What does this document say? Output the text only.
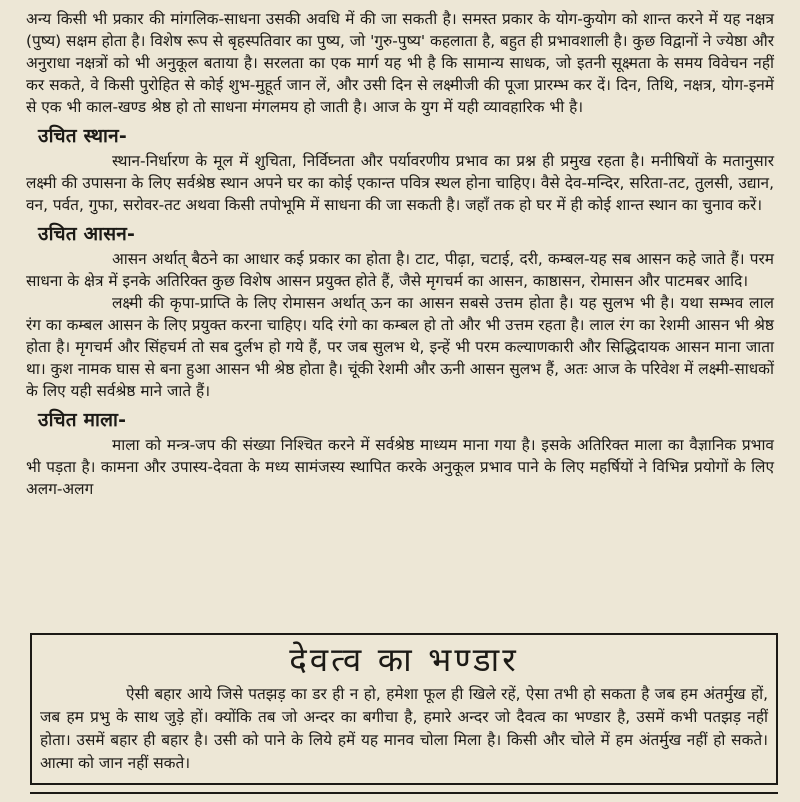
अन्य किसी भी प्रकार की मांगलिक-साधना उसकी अवधि में की जा सकती है। समस्त प्रकार के योग-कुयोग को शान्त करने में यह नक्षत्र (पुष्य) सक्षम होता है। विशेष रूप से बृहस्पतिवार का पुष्य, जो 'गुरु-पुष्य' कहलाता है, बहुत ही प्रभावशाली है। कुछ विद्वानों ने ज्येष्ठा और अनुराधा नक्षत्रों को भी अनुकूल बताया है। सरलता का एक मार्ग यह भी है कि सामान्य साधक, जो इतनी सूक्ष्मता के समय विवेचन नहीं कर सकते, वे किसी पुरोहित से कोई शुभ-मुहूर्त जान लें, और उसी दिन से लक्ष्मीजी की पूजा प्रारम्भ कर दें। दिन, तिथि, नक्षत्र, योग-इनमें से एक भी काल-खण्ड श्रेष्ठ हो तो साधना मंगलमय हो जाती है। आज के युग में यही व्यावहारिक भी है।

उचित स्थान-

स्थान-निर्धारण के मूल में शुचिता, निर्विघ्नता और पर्यावरणीय प्रभाव का प्रश्न ही प्रमुख रहता है। मनीषियों के मतानुसार लक्ष्मी की उपासना के लिए सर्वश्रेष्ठ स्थान अपने घर का कोई एकान्त पवित्र स्थल होना चाहिए। वैसे देव-मन्दिर, सरिता-तट, तुलसी, उद्यान, वन, पर्वत, गुफा, सरोवर-तट अथवा किसी तपोभूमि में साधना की जा सकती है। जहाँ तक हो घर में ही कोई शान्त स्थान का चुनाव करें।

उचित आसन-

आसन अर्थात् बैठने का आधार कई प्रकार का होता है। टाट, पीढ़ा, चटाई, दरी, कम्बल-यह सब आसन कहे जाते हैं। परम साधना के क्षेत्र में इनके अतिरिक्त कुछ विशेष आसन प्रयुक्त होते हैं, जैसे मृगचर्म का आसन, काष्ठासन, रोमासन और पाटमबर आदि।

लक्ष्मी की कृपा-प्राप्ति के लिए रोमासन अर्थात् ऊन का आसन सबसे उत्तम होता है। यह सुलभ भी है। यथा सम्भव लाल रंग का कम्बल आसन के लिए प्रयुक्त करना चाहिए। यदि रंगो का कम्बल हो तो और भी उत्तम रहता है। लाल रंग का रेशमी आसन भी श्रेष्ठ होता है। मृगचर्म और सिंहचर्म तो सब दुर्लभ हो गये हैं, पर जब सुलभ थे, इन्हें भी परम कल्याणकारी और सिद्धिदायक आसन माना जाता था। कुश नामक घास से बना हुआ आसन भी श्रेष्ठ होता है। चूंकी रेशमी और ऊनी आसन सुलभ हैं, अतः आज के परिवेश में लक्ष्मी-साधकों के लिए यही सर्वश्रेष्ठ माने जाते हैं।

उचित माला-

माला को मन्त्र-जप की संख्या निश्चित करने में सर्वश्रेष्ठ माध्यम माना गया है। इसके अतिरिक्त माला का वैज्ञानिक प्रभाव भी पड़ता है। कामना और उपास्य-देवता के मध्य सामंजस्य स्थापित करके अनुकूल प्रभाव पाने के लिए महर्षियों ने विभिन्न प्रयोगों के लिए अलग-अलग

देवत्व का भण्डार

ऐसी बहार आये जिसे पतझड़ का डर ही न हो, हमेशा फूल ही खिले रहें, ऐसा तभी हो सकता है जब हम अंतर्मुख हों, जब हम प्रभु के साथ जुड़े हों। क्योंकि तब जो अन्दर का बगीचा है, हमारे अन्दर जो दैवत्व का भण्डार है, उसमें कभी पतझड़ नहीं होता। उसमें बहार ही बहार है। उसी को पाने के लिये हमें यह मानव चोला मिला है। किसी और चोले में हम अंतर्मुख नहीं हो सकते। आत्मा को जान नहीं सकते।
